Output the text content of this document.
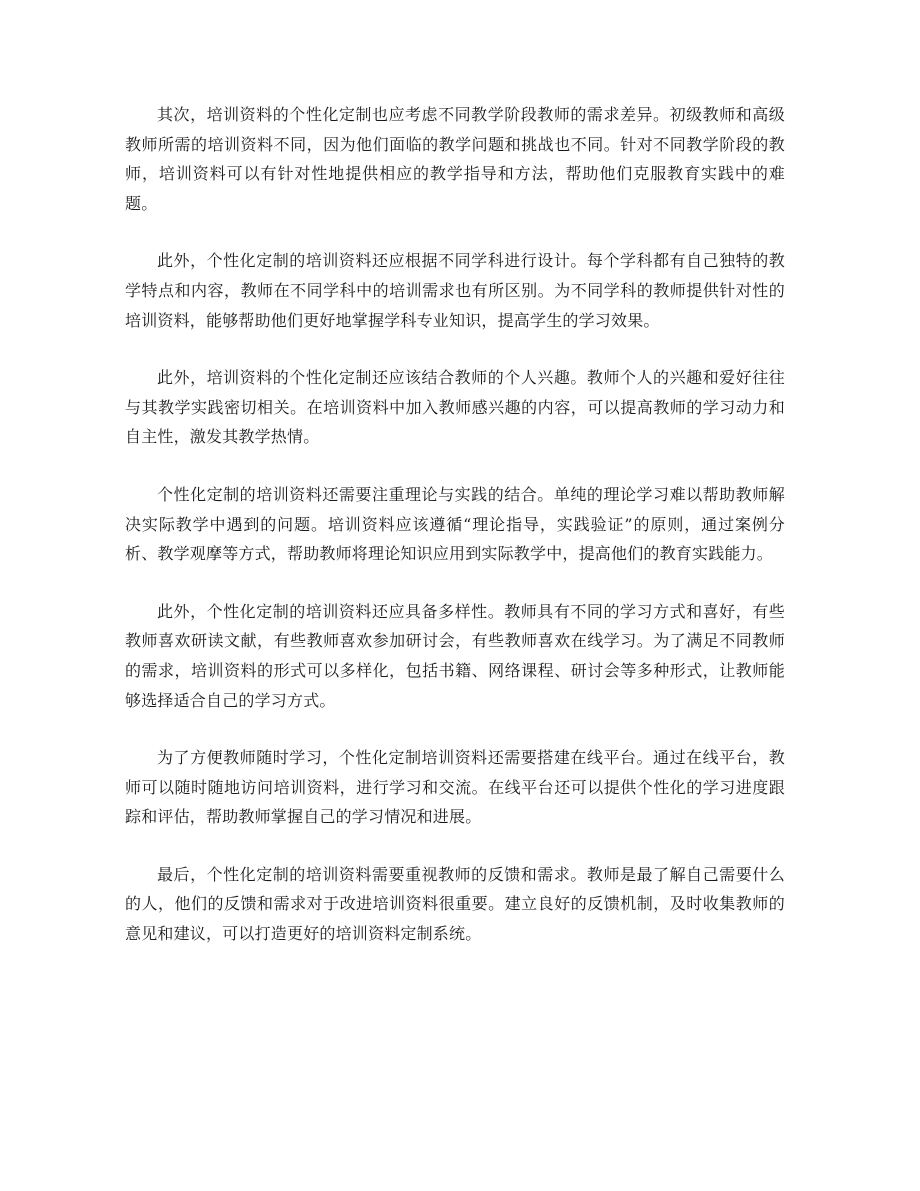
其次，培训资料的个性化定制也应考虑不同教学阶段教师的需求差异。初级教师和高级教师所需的培训资料不同，因为他们面临的教学问题和挑战也不同。针对不同教学阶段的教师，培训资料可以有针对性地提供相应的教学指导和方法，帮助他们克服教育实践中的难题。

此外，个性化定制的培训资料还应根据不同学科进行设计。每个学科都有自己独特的教学特点和内容，教师在不同学科中的培训需求也有所区别。为不同学科的教师提供针对性的培训资料，能够帮助他们更好地掌握学科专业知识，提高学生的学习效果。

此外，培训资料的个性化定制还应该结合教师的个人兴趣。教师个人的兴趣和爱好往往与其教学实践密切相关。在培训资料中加入教师感兴趣的内容，可以提高教师的学习动力和自主性，激发其教学热情。

个性化定制的培训资料还需要注重理论与实践的结合。单纯的理论学习难以帮助教师解决实际教学中遇到的问题。培训资料应该遵循“理论指导，实践验证”的原则，通过案例分析、教学观摩等方式，帮助教师将理论知识应用到实际教学中，提高他们的教育实践能力。

此外，个性化定制的培训资料还应具备多样性。教师具有不同的学习方式和喜好，有些教师喜欢研读文献，有些教师喜欢参加研讨会，有些教师喜欢在线学习。为了满足不同教师的需求，培训资料的形式可以多样化，包括书籍、网络课程、研讨会等多种形式，让教师能够选择适合自己的学习方式。

为了方便教师随时学习，个性化定制培训资料还需要搭建在线平台。通过在线平台，教师可以随时随地访问培训资料，进行学习和交流。在线平台还可以提供个性化的学习进度跟踪和评估，帮助教师掌握自己的学习情况和进展。

最后，个性化定制的培训资料需要重视教师的反馈和需求。教师是最了解自己需要什么的人，他们的反馈和需求对于改进培训资料很重要。建立良好的反馈机制，及时收集教师的意见和建议，可以打造更好的培训资料定制系统。
